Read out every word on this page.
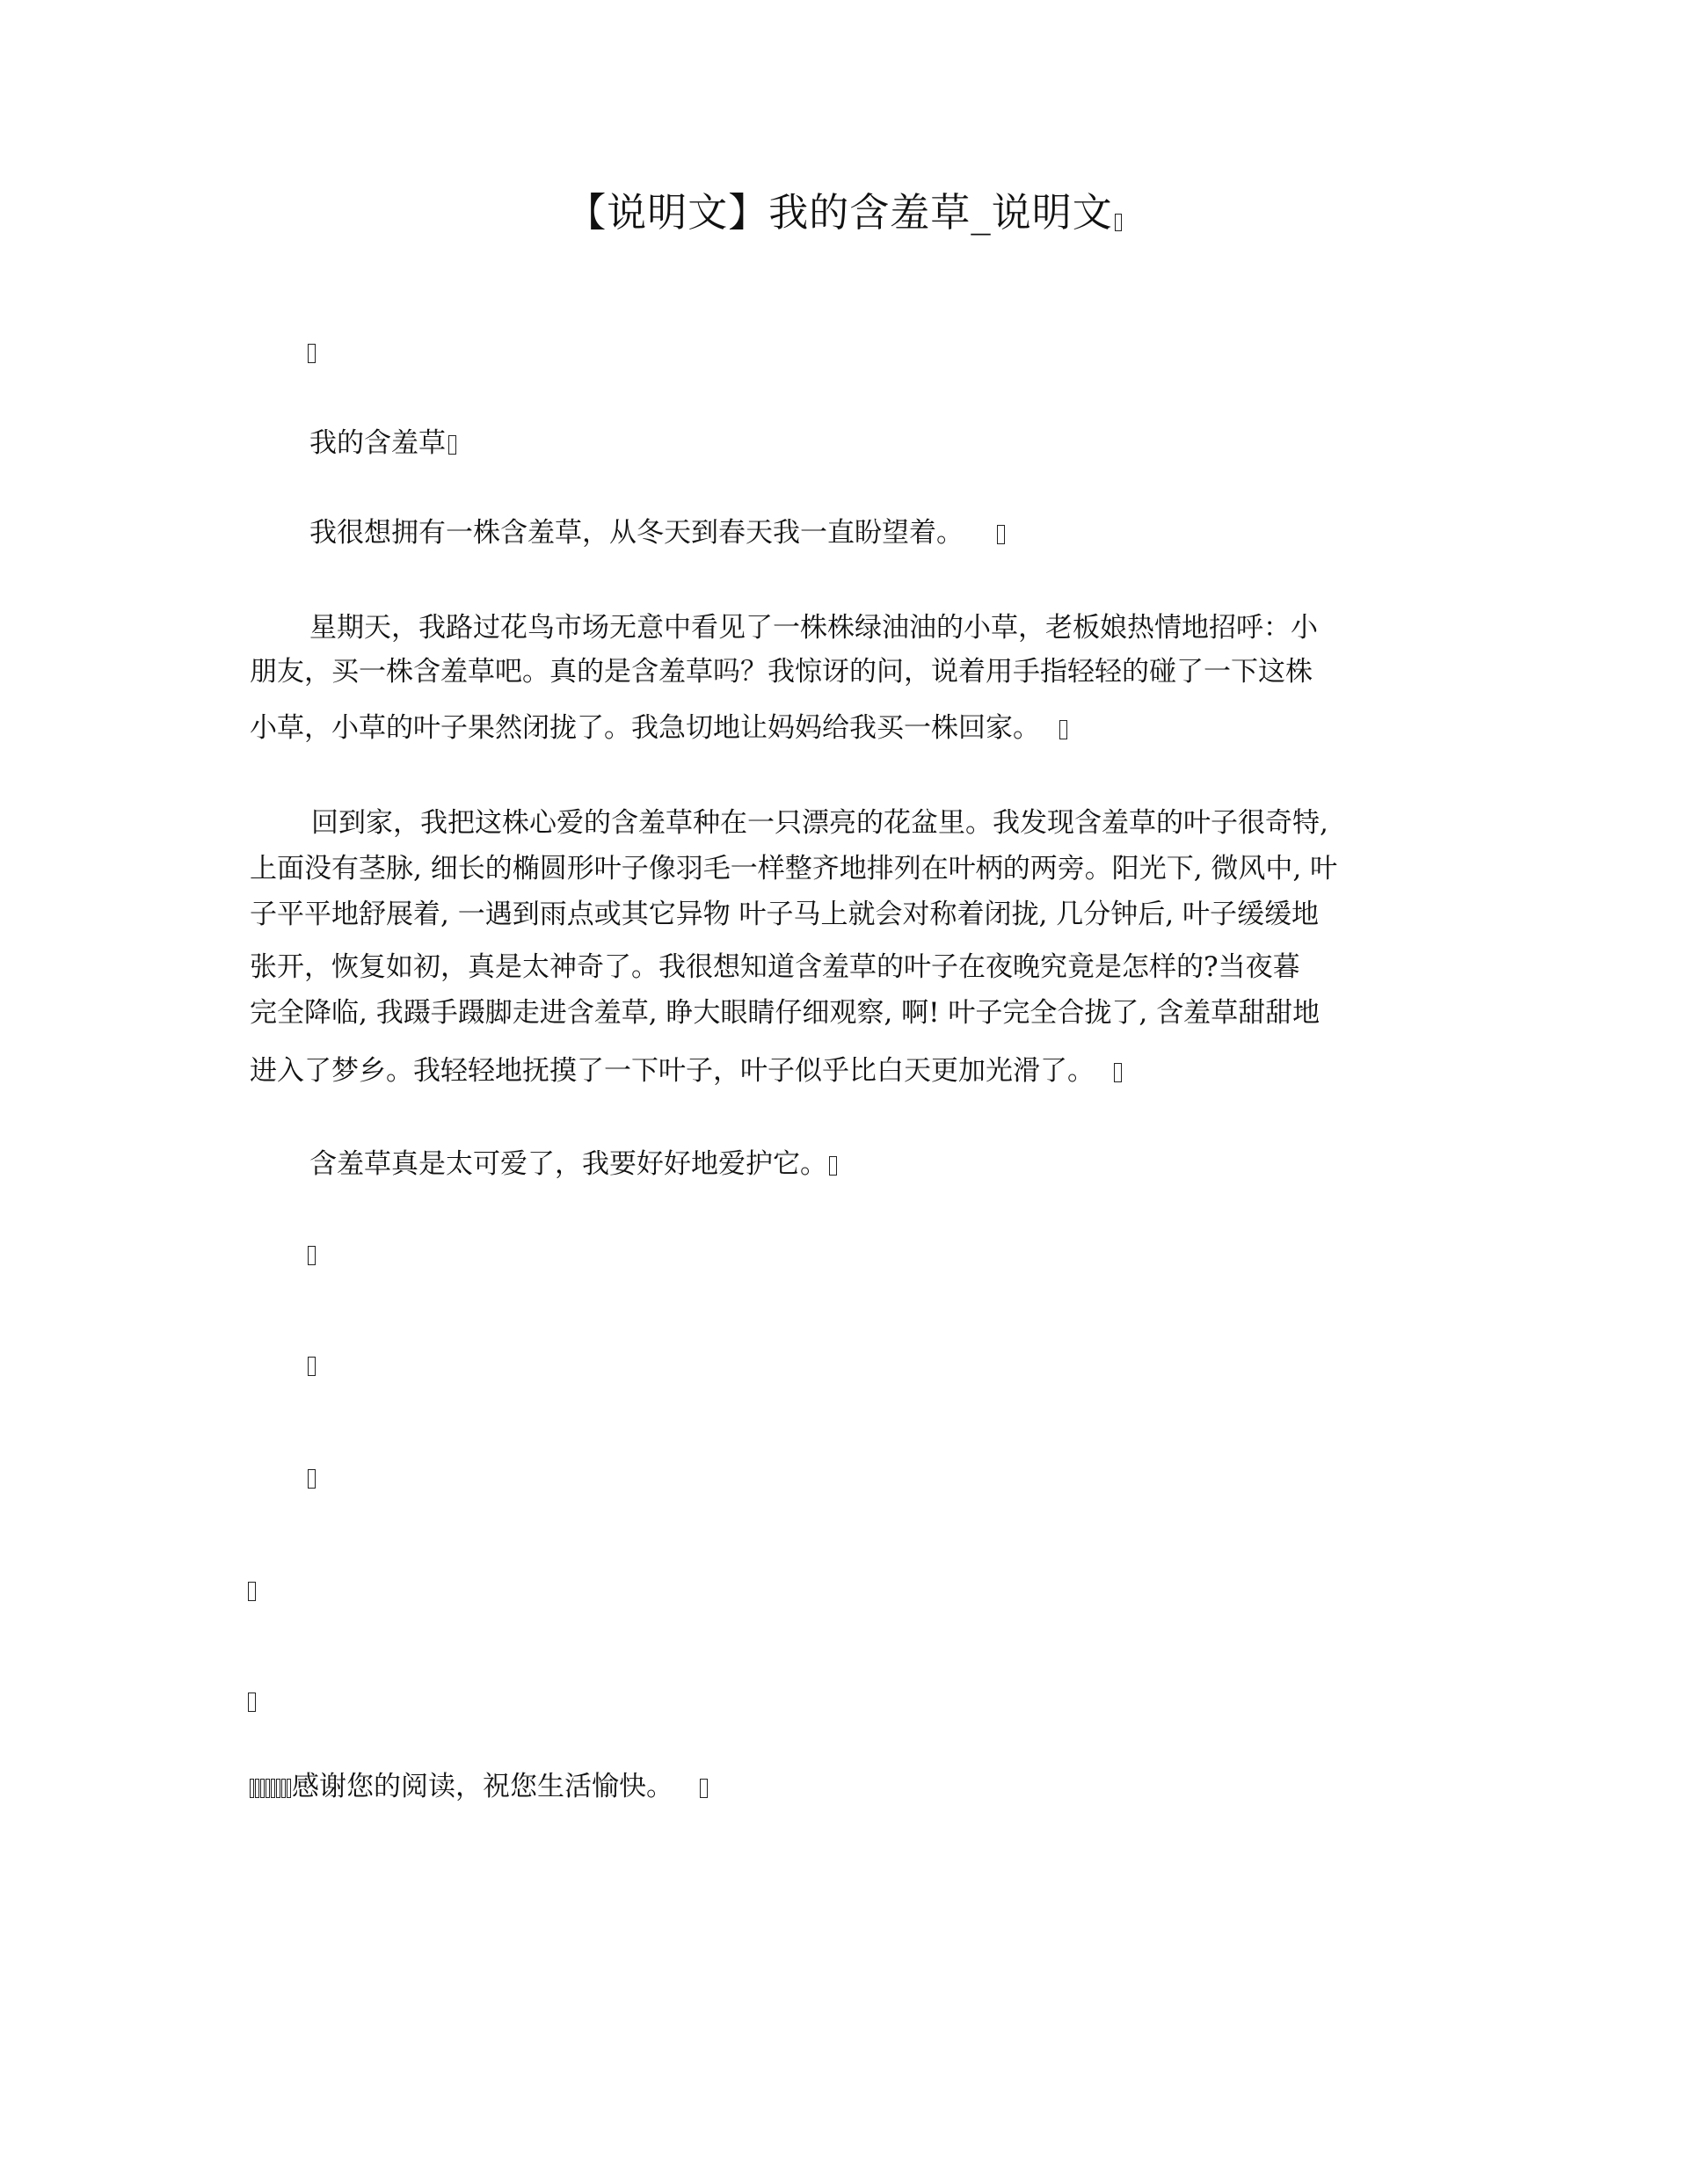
【说明文】我的含羞草_说明文
我的含羞草
我很想拥有一株含羞草，从冬天到春天我一直盼望着。
星期天，我路过花鸟市场无意中看见了一株株绿油油的小草，老板娘热情地招呼：小
朋友，买一株含羞草吧。真的是含羞草吗？我惊讶的问，说着用手指轻轻的碰了一下这株
小草，小草的叶子果然闭拢了。我急切地让妈妈给我买一株回家。
回到家，我把这株心爱的含羞草种在一只漂亮的花盆里。我发现含羞草的叶子很奇特,
上面没有茎脉, 细长的椭圆形叶子像羽毛一样整齐地排列在叶柄的两旁。阳光下, 微风中, 叶
子平平地舒展着, 一遇到雨点或其它异物 叶子马上就会对称着闭拢, 几分钟后, 叶子缓缓地
张开，恢复如初，真是太神奇了。我很想知道含羞草的叶子在夜晚究竟是怎样的?当夜暮
完全降临, 我蹑手蹑脚走进含羞草, 睁大眼睛仔细观察, 啊! 叶子完全合拢了, 含羞草甜甜地
进入了梦乡。我轻轻地抚摸了一下叶子，叶子似乎比白天更加光滑了。
含羞草真是太可爱了，我要好好地爱护它。
感谢您的阅读，祝您生活愉快。
